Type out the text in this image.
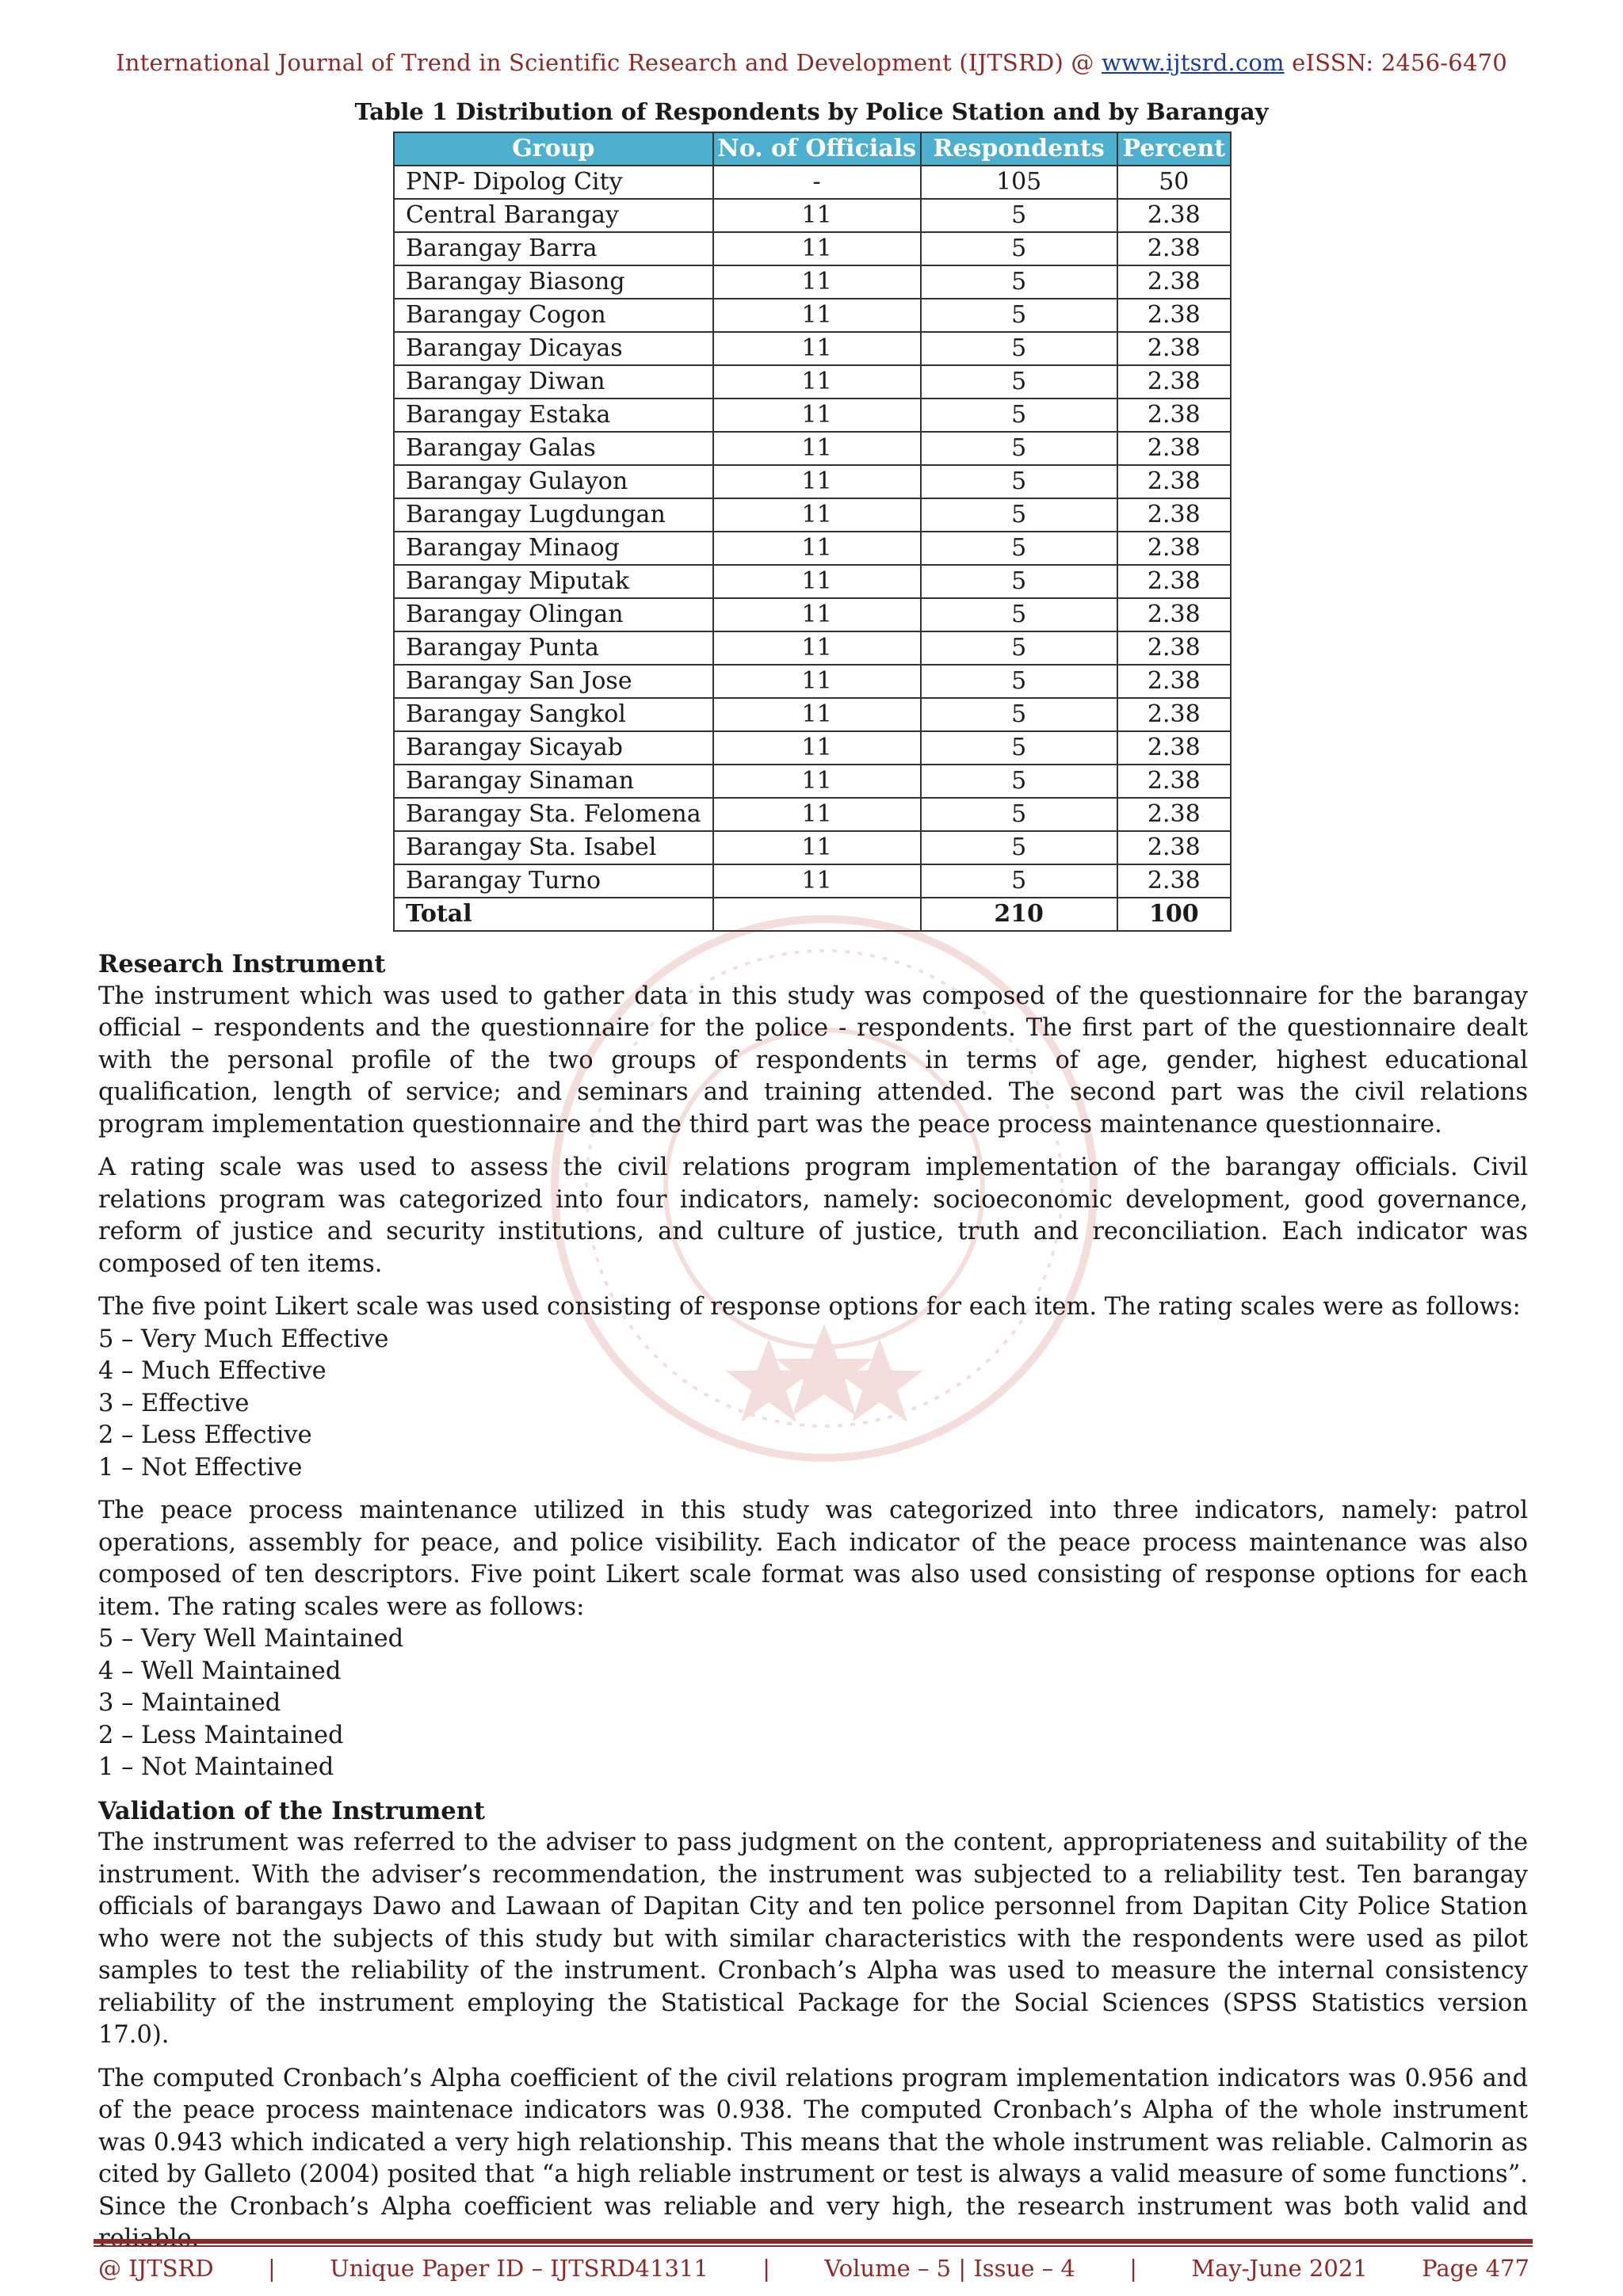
International Journal of Trend in Scientific Research and Development (IJTSRD) @ www.ijtsrd.com eISSN: 2456-6470
Table 1 Distribution of Respondents by Police Station and by Barangay
Group	No. of Officials	Respondents	Percent
PNP- Dipolog City	-	105	50
Central Barangay	11	5	2.38
Barangay Barra	11	5	2.38
Barangay Biasong	11	5	2.38
Barangay Cogon	11	5	2.38
Barangay Dicayas	11	5	2.38
Barangay Diwan	11	5	2.38
Barangay Estaka	11	5	2.38
Barangay Galas	11	5	2.38
Barangay Gulayon	11	5	2.38
Barangay Lugdungan	11	5	2.38
Barangay Minaog	11	5	2.38
Barangay Miputak	11	5	2.38
Barangay Olingan	11	5	2.38
Barangay Punta	11	5	2.38
Barangay San Jose	11	5	2.38
Barangay Sangkol	11	5	2.38
Barangay Sicayab	11	5	2.38
Barangay Sinaman	11	5	2.38
Barangay Sta. Felomena	11	5	2.38
Barangay Sta. Isabel	11	5	2.38
Barangay Turno	11	5	2.38
Total		210	100
Research Instrument

The instrument which was used to gather data in this study was composed of the questionnaire for the barangay official – respondents and the questionnaire for the police - respondents. The first part of the questionnaire dealt with the personal profile of the two groups of respondents in terms of age, gender, highest educational qualification, length of service; and seminars and training attended. The second part was the civil relations program implementation questionnaire and the third part was the peace process maintenance questionnaire.

A rating scale was used to assess the civil relations program implementation of the barangay officials. Civil relations program was categorized into four indicators, namely: socioeconomic development, good governance, reform of justice and security institutions, and culture of justice, truth and reconciliation. Each indicator was composed of ten items.

The five point Likert scale was used consisting of response options for each item. The rating scales were as follows:
5 – Very Much Effective
4 – Much Effective
3 – Effective
2 – Less Effective
1 – Not Effective
The peace process maintenance utilized in this study was categorized into three indicators, namely: patrol operations, assembly for peace, and police visibility. Each indicator of the peace process maintenance was also composed of ten descriptors. Five point Likert scale format was also used consisting of response options for each item. The rating scales were as follows:
5 – Very Well Maintained
4 – Well Maintained
3 – Maintained
2 – Less Maintained
1 – Not Maintained
Validation of the Instrument

The instrument was referred to the adviser to pass judgment on the content, appropriateness and suitability of the instrument. With the adviser’s recommendation, the instrument was subjected to a reliability test. Ten barangay officials of barangays Dawo and Lawaan of Dapitan City and ten police personnel from Dapitan City Police Station who were not the subjects of this study but with similar characteristics with the respondents were used as pilot samples to test the reliability of the instrument. Cronbach’s Alpha was used to measure the internal consistency reliability of the instrument employing the Statistical Package for the Social Sciences (SPSS Statistics version 17.0).

The computed Cronbach’s Alpha coefficient of the civil relations program implementation indicators was 0.956 and of the peace process maintenace indicators was 0.938. The computed Cronbach’s Alpha of the whole instrument was 0.943 which indicated a very high relationship. This means that the whole instrument was reliable. Calmorin as cited by Galleto (2004) posited that “a high reliable instrument or test is always a valid measure of some functions”. Since the Cronbach’s Alpha coefficient was reliable and very high, the research instrument was both valid and

@ IJTSRD | Unique Paper ID – IJTSRD41311 | Volume – 5 | Issue – 4 | May-June 2021 Page 477
